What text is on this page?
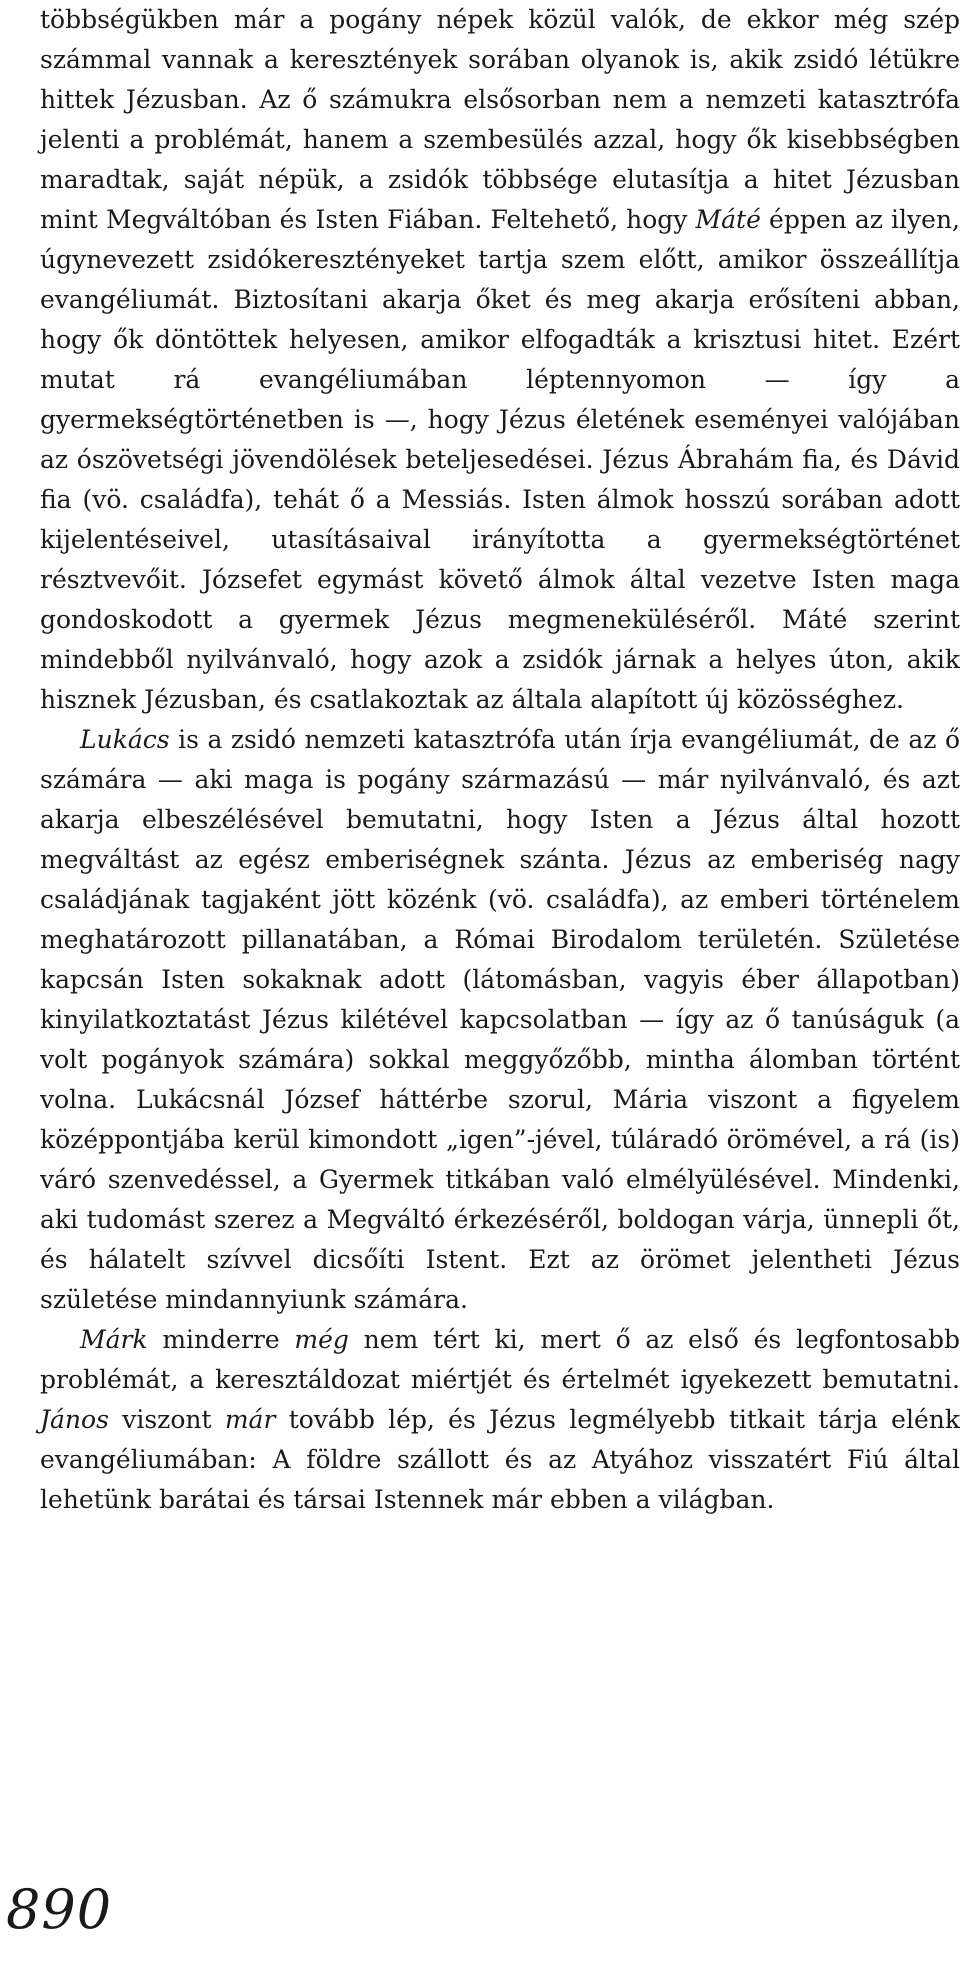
többségükben már a pogány népek közül valók, de ekkor még szép számmal vannak a keresztények sorában olyanok is, akik zsidó létükre hittek Jézusban. Az ő számukra elsősorban nem a nemzeti katasztrófa jelenti a problémát, hanem a szembesülés azzal, hogy ők kisebbségben maradtak, saját népük, a zsidók többsége elutasítja a hitet Jézusban mint Megváltóban és Isten Fiában. Feltehető, hogy Máté éppen az ilyen, úgynevezett zsidókeresztényeket tartja szem előtt, amikor összeállítja evangéliumát. Biztosítani akarja őket és meg akarja erősíteni abban, hogy ők döntöttek helyesen, amikor elfogadták a krisztusi hitet. Ezért mutat rá evangéliumában léptennyomon — így a gyermekségtörténetben is —, hogy Jézus életének eseményei valójában az ószövetségi jövendölések beteljesedései. Jézus Ábrahám fia, és Dávid fia (vö. családfa), tehát ő a Messiás. Isten álmok hosszú sorában adott kijelentéseivel, utasításaival irányította a gyermekségtörténet résztvevőit. Józsefet egymást követő álmok által vezetve Isten maga gondoskodott a gyermek Jézus megmeneküléséről. Máté szerint mindebből nyilvánvaló, hogy azok a zsidók járnak a helyes úton, akik hisznek Jézusban, és csatlakoztak az általa alapított új közösséghez.

Lukács is a zsidó nemzeti katasztrófa után írja evangéliumát, de az ő számára — aki maga is pogány származású — már nyilvánvaló, és azt akarja elbeszélésével bemutatni, hogy Isten a Jézus által hozott megváltást az egész emberiségnek szánta. Jézus az emberiség nagy családjának tagjaként jött közénk (vö. családfa), az emberi történelem meghatározott pillanatában, a Római Birodalom területén. Születése kapcsán Isten sokaknak adott (látomásban, vagyis éber állapotban) kinyilatkoztatást Jézus kilétével kapcsolatban — így az ő tanúságuk (a volt pogányok számára) sokkal meggyőzőbb, mintha álomban történt volna. Lukácsnál József háttérbe szorul, Mária viszont a figyelem középpontjába kerül kimondott „igen”-jével, túláradó örömével, a rá (is) váró szenvedéssel, a Gyermek titkában való elmélyülésével. Mindenki, aki tudomást szerez a Megváltó érkezéséről, boldogan várja, ünnepli őt, és hálatelt szívvel dicsőíti Istent. Ezt az örömet jelentheti Jézus születése mindannyiunk számára.

Márk minderre még nem tért ki, mert ő az első és legfontosabb problémát, a keresztáldozat miértjét és értelmét igyekezett bemutatni. János viszont már tovább lép, és Jézus legmélyebb titkait tárja elénk evangéliumában: A földre szállott és az Atyához visszatért Fiú által lehetünk barátai és társai Istennek már ebben a világban.

890
